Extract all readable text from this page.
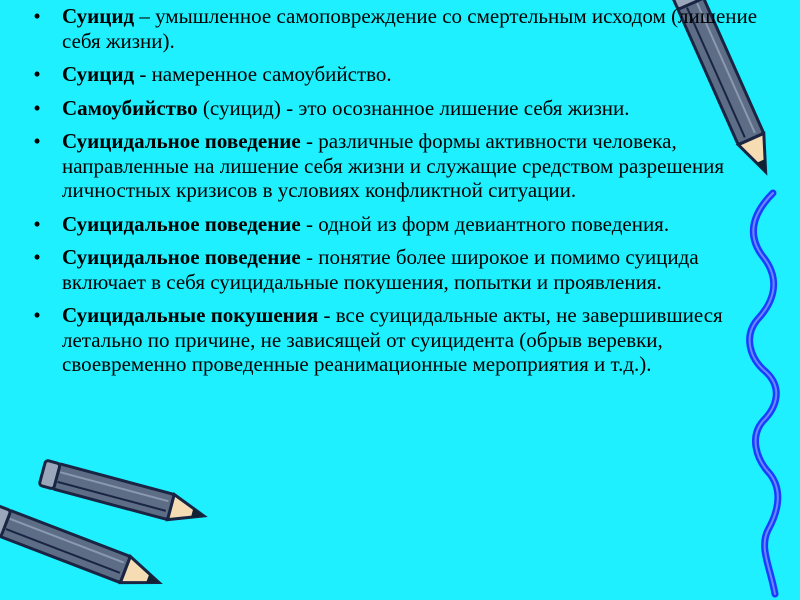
• Суицид – умышленное самоповреждение со смертельным исходом (лишение себя жизни).
• Суицид - намеренное самоубийство.
• Самоубийство (суицид) - это осознанное лишение себя жизни.
• Суицидальное поведение - различные формы активности человека, направленные на лишение себя жизни и служащие средством разрешения личностных кризисов в условиях конфликтной ситуации.
• Суицидальное поведение - одной из форм девиантного поведения.
• Суицидальное поведение - понятие более широкое и помимо суицида включает в себя суицидальные покушения, попытки и проявления.
• Суицидальные покушения - все суицидальные акты, не завершившиеся летально по причине, не зависящей от суицидента (обрыв веревки, своевременно проведенные реанимационные мероприятия и т.д.).
